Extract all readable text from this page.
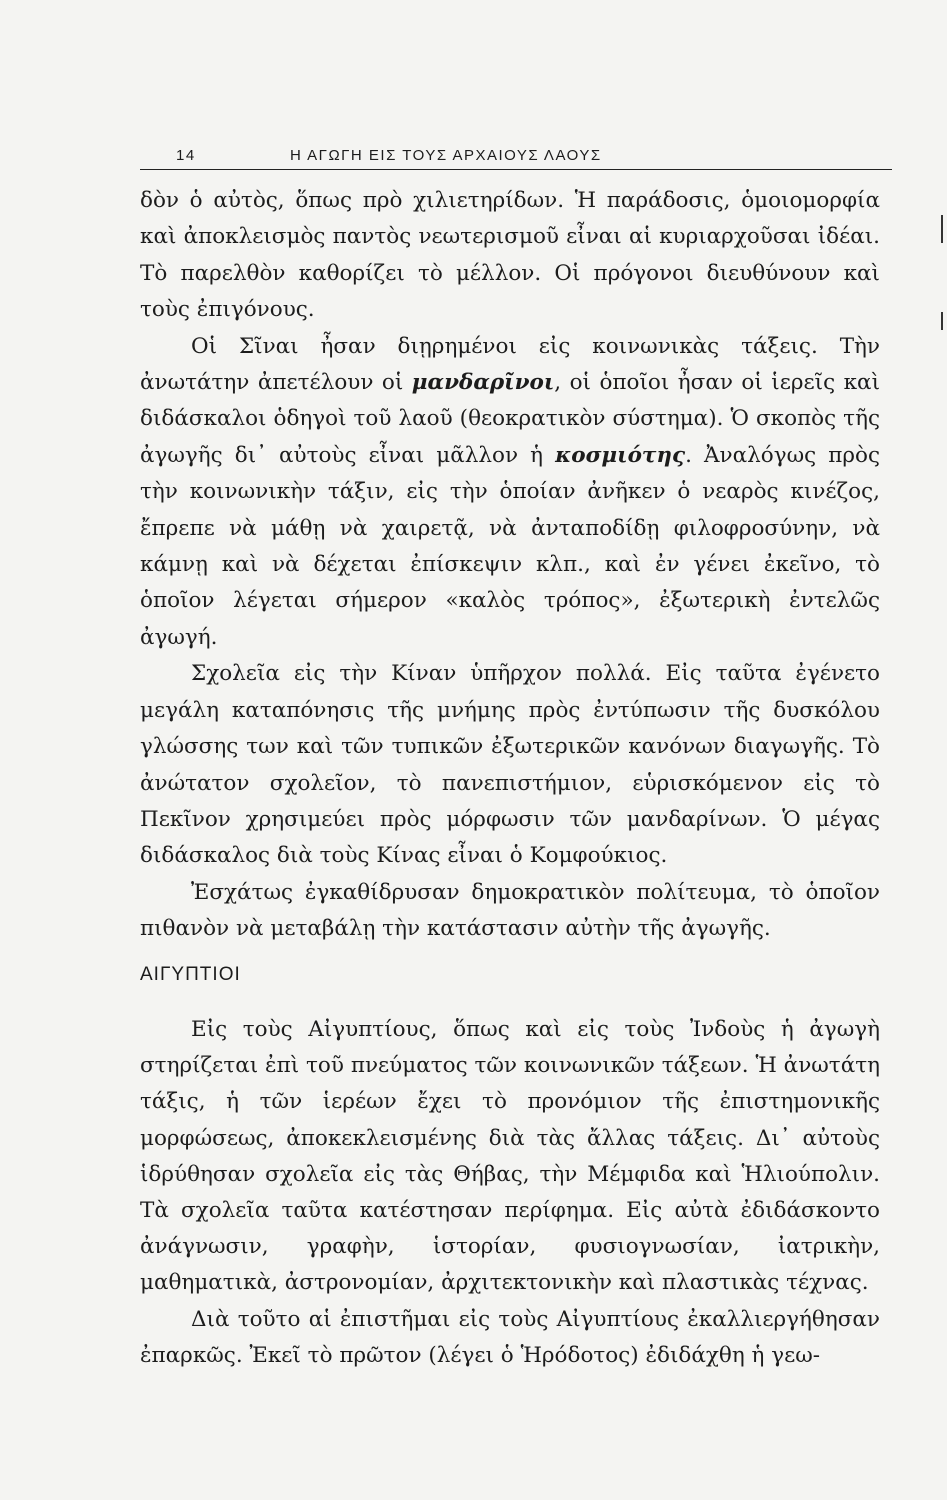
14	Η ΑΓΩΓΗ ΕΙΣ ΤΟΥΣ ΑΡΧΑΙΟΥΣ ΛΑΟΥΣ

δὸν ὁ αὐτὸς, ὅπως πρὸ χιλιετηρίδων. Ἡ παράδοσις, ὁμοιομορφία καὶ ἀποκλεισμὸς παντὸς νεωτερισμοῦ εἶναι αἱ κυριαρχοῦσαι ἰδέαι. Τὸ παρελθὸν καθορίζει τὸ μέλλον. Οἱ πρόγονοι διευθύνουν καὶ τοὺς ἐπιγόνους.

Οἱ Σῖναι ἦσαν διῃρημένοι εἰς κοινωνικὰς τάξεις. Τὴν ἀνωτάτην ἀπετέλουν οἱ μανδαρῖνοι, οἱ ὁποῖοι ἦσαν οἱ ἱερεῖς καὶ διδάσκαλοι ὁδηγοὶ τοῦ λαοῦ (θεοκρατικὸν σύστημα). Ὁ σκοπὸς τῆς ἀγωγῆς δι᾽ αὐτοὺς εἶναι μᾶλλον ἡ κοσμιότης. Ἀναλόγως πρὸς τὴν κοινωνικὴν τάξιν, εἰς τὴν ὁποίαν ἀνῆκεν ὁ νεαρὸς κινέζος, ἔπρεπε νὰ μάθῃ νὰ χαιρετᾷ, νὰ ἀνταποδίδῃ φιλοφροσύνην, νὰ κάμνῃ καὶ νὰ δέχεται ἐπίσκεψιν κλπ., καὶ ἐν γένει ἐκεῖνο, τὸ ὁποῖον λέγεται σήμερον «καλὸς τρόπος», ἐξωτερικὴ ἐντελῶς ἀγωγή.

Σχολεῖα εἰς τὴν Κίναν ὑπῆρχον πολλά. Εἰς ταῦτα ἐγένετο μεγάλη καταπόνησις τῆς μνήμης πρὸς ἐντύπωσιν τῆς δυσκόλου γλώσσης των καὶ τῶν τυπικῶν ἐξωτερικῶν κανόνων διαγωγῆς. Τὸ ἀνώτατον σχολεῖον, τὸ πανεπιστήμιον, εὑρισκόμενον εἰς τὸ Πεκῖνον χρησιμεύει πρὸς μόρφωσιν τῶν μανδαρίνων. Ὁ μέγας διδάσκαλος διὰ τοὺς Κίνας εἶναι ὁ Κομφούκιος.

Ἐσχάτως ἐγκαθίδρυσαν δημοκρατικὸν πολίτευμα, τὸ ὁποῖον πιθανὸν νὰ μεταβάλῃ τὴν κατάστασιν αὐτὴν τῆς ἀγωγῆς.

ΑΙΓΥΠΤΙΟΙ

Εἰς τοὺς Αἰγυπτίους, ὅπως καὶ εἰς τοὺς Ἰνδοὺς ἡ ἀγωγὴ στηρίζεται ἐπὶ τοῦ πνεύματος τῶν κοινωνικῶν τάξεων. Ἡ ἀνωτάτη τάξις, ἡ τῶν ἱερέων ἔχει τὸ προνόμιον τῆς ἐπιστημονικῆς μορφώσεως, ἀποκεκλεισμένης διὰ τὰς ἄλλας τάξεις. Δι᾽ αὐτοὺς ἱδρύθησαν σχολεῖα εἰς τὰς Θήβας, τὴν Μέμφιδα καὶ Ἡλιούπολιν. Τὰ σχολεῖα ταῦτα κατέστησαν περίφημα. Εἰς αὐτὰ ἐδιδάσκοντο ἀνάγνωσιν, γραφὴν, ἱστορίαν, φυσιογνωσίαν, ἰατρικὴν, μαθηματικὰ, ἀστρονομίαν, ἀρχιτεκτονικὴν καὶ πλαστικὰς τέχνας.

Διὰ τοῦτο αἱ ἐπιστῆμαι εἰς τοὺς Αἰγυπτίους ἐκαλλιεργήθησαν ἐπαρκῶς. Ἐκεῖ τὸ πρῶτον (λέγει ὁ Ἡρόδοτος) ἐδιδάχθη ἡ γεω-
